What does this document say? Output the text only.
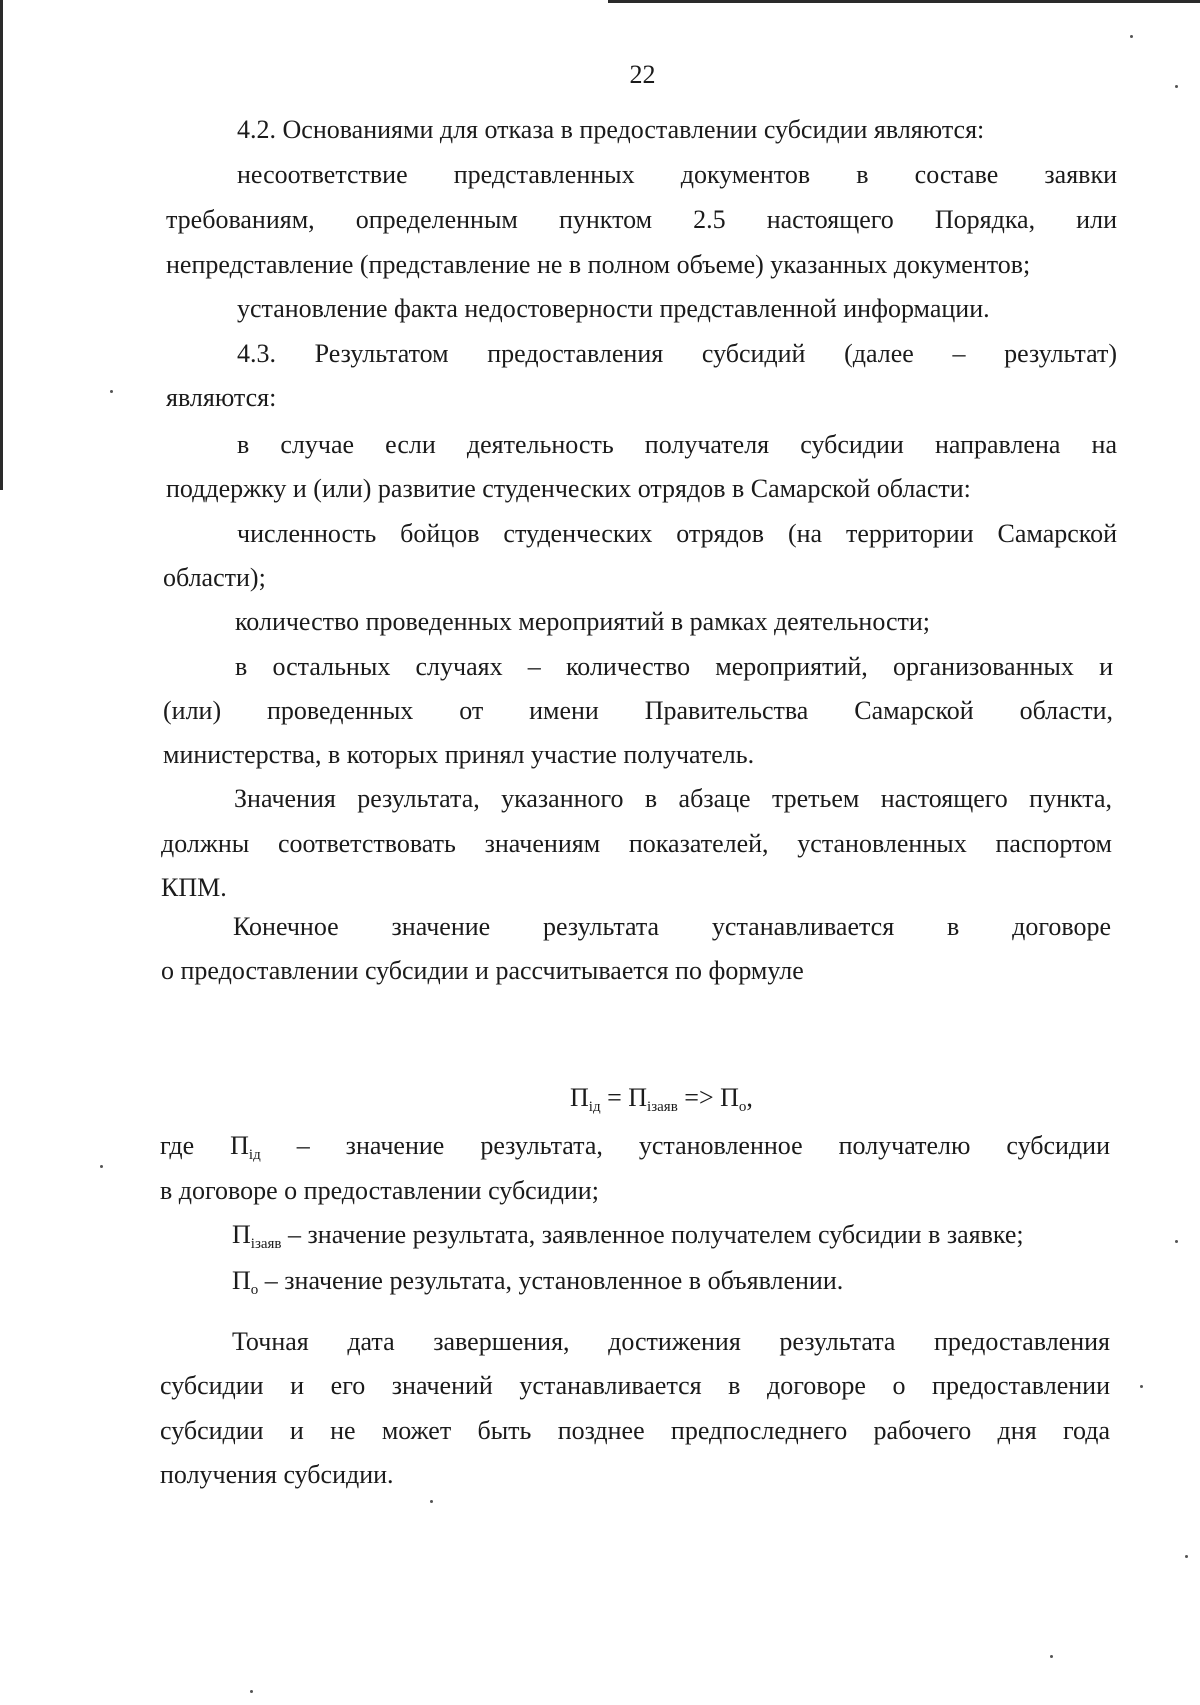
22
4.2. Основаниями для отказа в предоставлении субсидии являются:
несоответствие представленных документов в составе заявки
требованиям, определенным пунктом 2.5 настоящего Порядка, или
непредставление (представление не в полном объеме) указанных документов;
установление факта недостоверности представленной информации.
4.3. Результатом предоставления субсидий (далее – результат)
являются:
в случае если деятельность получателя субсидии направлена на
поддержку и (или) развитие студенческих отрядов в Самарской области:
численность бойцов студенческих отрядов (на территории Самарской
области);
количество проведенных мероприятий в рамках деятельности;
в остальных случаях – количество мероприятий, организованных и
(или) проведенных от имени Правительства Самарской области,
министерства, в которых принял участие получатель.
Значения результата, указанного в абзаце третьем настоящего пункта,
должны соответствовать значениям показателей, установленных паспортом
КПМ.
Конечное значение результата устанавливается в договоре
о предоставлении субсидии и рассчитывается по формуле
$П_{iд} = П_{iзаяв} => П_о$,
где $П_{iд}$ – значение результата, установленное получателю субсидии
в договоре о предоставлении субсидии;
$П_{iзаяв}$ – значение результата, заявленное получателем субсидии в заявке;
$П_о$ – значение результата, установленное в объявлении.
Точная дата завершения, достижения результата предоставления
субсидии и его значений устанавливается в договоре о предоставлении
субсидии и не может быть позднее предпоследнего рабочего дня года
получения субсидии.
